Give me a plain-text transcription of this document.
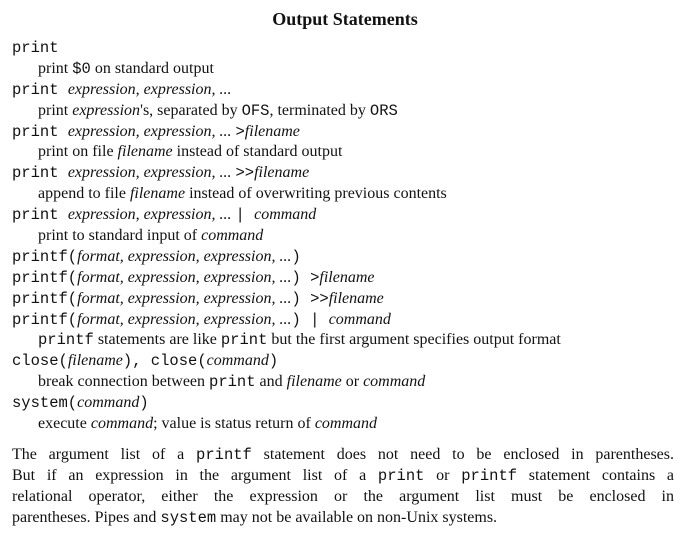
Output Statements
print
print $0 on standard output
print expression, expression, ...
print expression's, separated by OFS, terminated by ORS
print expression, expression, ... >filename
print on file filename instead of standard output
print expression, expression, ... >>filename
append to file filename instead of overwriting previous contents
print expression, expression, ... | command
print to standard input of command
printf(format, expression, expression, ...)
printf(format, expression, expression, ...) >filename
printf(format, expression, expression, ...) >>filename
printf(format, expression, expression, ...) | command
printf statements are like print but the first argument specifies output format
close(filename), close(command)
break connection between print and filename or command
system(command)
execute command; value is status return of command
The argument list of a printf statement does not need to be enclosed in parentheses.
But if an expression in the argument list of a print or printf statement contains a
relational operator, either the expression or the argument list must be enclosed in
parentheses. Pipes and system may not be available on non-Unix systems.
